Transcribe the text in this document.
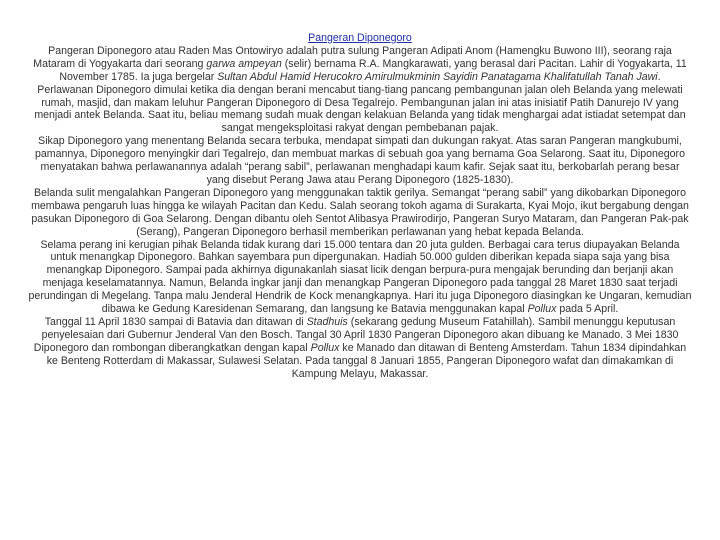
Pangeran Diponegoro

Pangeran Diponegoro atau Raden Mas Ontowiryo adalah putra sulung Pangeran Adipati Anom (Hamengku Buwono III), seorang raja Mataram di Yogyakarta dari seorang garwa ampeyan (selir) bernama R.A. Mangkarawati, yang berasal dari Pacitan. Lahir di Yogyakarta, 11 November 1785. Ia juga bergelar Sultan Abdul Hamid Herucokro Amirulmukminin Sayidin Panatagama Khalifatullah Tanah Jawi.

Perlawanan Diponegoro dimulai ketika dia dengan berani mencabut tiang-tiang pancang pembangunan jalan oleh Belanda yang melewati rumah, masjid, dan makam leluhur Pangeran Diponegoro di Desa Tegalrejo. Pembangunan jalan ini atas inisiatif Patih Danurejo IV yang menjadi antek Belanda. Saat itu, beliau memang sudah muak dengan kelakuan Belanda yang tidak menghargai adat istiadat setempat dan sangat mengeksploitasi rakyat dengan pembebanan pajak.

Sikap Diponegoro yang menentang Belanda secara terbuka, mendapat simpati dan dukungan rakyat. Atas saran Pangeran mangkubumi, pamannya, Diponegoro menyingkir dari Tegalrejo, dan membuat markas di sebuah goa yang bernama Goa Selarong. Saat itu, Diponegoro menyatakan bahwa perlawanannya adalah “perang sabil”, perlawanan menghadapi kaum kafir. Sejak saat itu, berkobarlah perang besar yang disebut Perang Jawa atau Perang Diponegoro (1825-1830).

Belanda sulit mengalahkan Pangeran Diponegoro yang menggunakan taktik gerilya. Semangat “perang sabil” yang dikobarkan Diponegoro membawa pengaruh luas hingga ke wilayah Pacitan dan Kedu. Salah seorang tokoh agama di Surakarta, Kyai Mojo, ikut bergabung dengan pasukan Diponegoro di Goa Selarong. Dengan dibantu oleh Sentot Alibasya Prawirodirjo, Pangeran Suryo Mataram, dan Pangeran Pak-pak (Serang), Pangeran Diponegoro berhasil memberikan perlawanan yang hebat kepada Belanda.

Selama perang ini kerugian pihak Belanda tidak kurang dari 15.000 tentara dan 20 juta gulden. Berbagai cara terus diupayakan Belanda untuk menangkap Diponegoro. Bahkan sayembara pun dipergunakan. Hadiah 50.000 gulden diberikan kepada siapa saja yang bisa menangkap Diponegoro. Sampai pada akhirnya digunakanlah siasat licik dengan berpura-pura mengajak berunding dan berjanji akan menjaga keselamatannya. Namun, Belanda ingkar janji dan menangkap Pangeran Diponegoro pada tanggal 28 Maret 1830 saat terjadi perundingan di Megelang. Tanpa malu Jenderal Hendrik de Kock menangkapnya. Hari itu juga Diponegoro diasingkan ke Ungaran, kemudian dibawa ke Gedung Karesidenan Semarang, dan langsung ke Batavia menggunakan kapal Pollux pada 5 April.

Tanggal 11 April 1830 sampai di Batavia dan ditawan di Stadhuis (sekarang gedung Museum Fatahillah). Sambil menunggu keputusan penyelesaian dari Gubernur Jenderal Van den Bosch. Tangal 30 April 1830 Pangeran Diponegoro akan dibuang ke Manado. 3 Mei 1830 Diponegoro dan rombongan diberangkatkan dengan kapal Pollux ke Manado dan ditawan di Benteng Amsterdam. Tahun 1834 dipindahkan ke Benteng Rotterdam di Makassar, Sulawesi Selatan. Pada tanggal 8 Januari 1855, Pangeran Diponegoro wafat dan dimakamkan di Kampung Melayu, Makassar.
